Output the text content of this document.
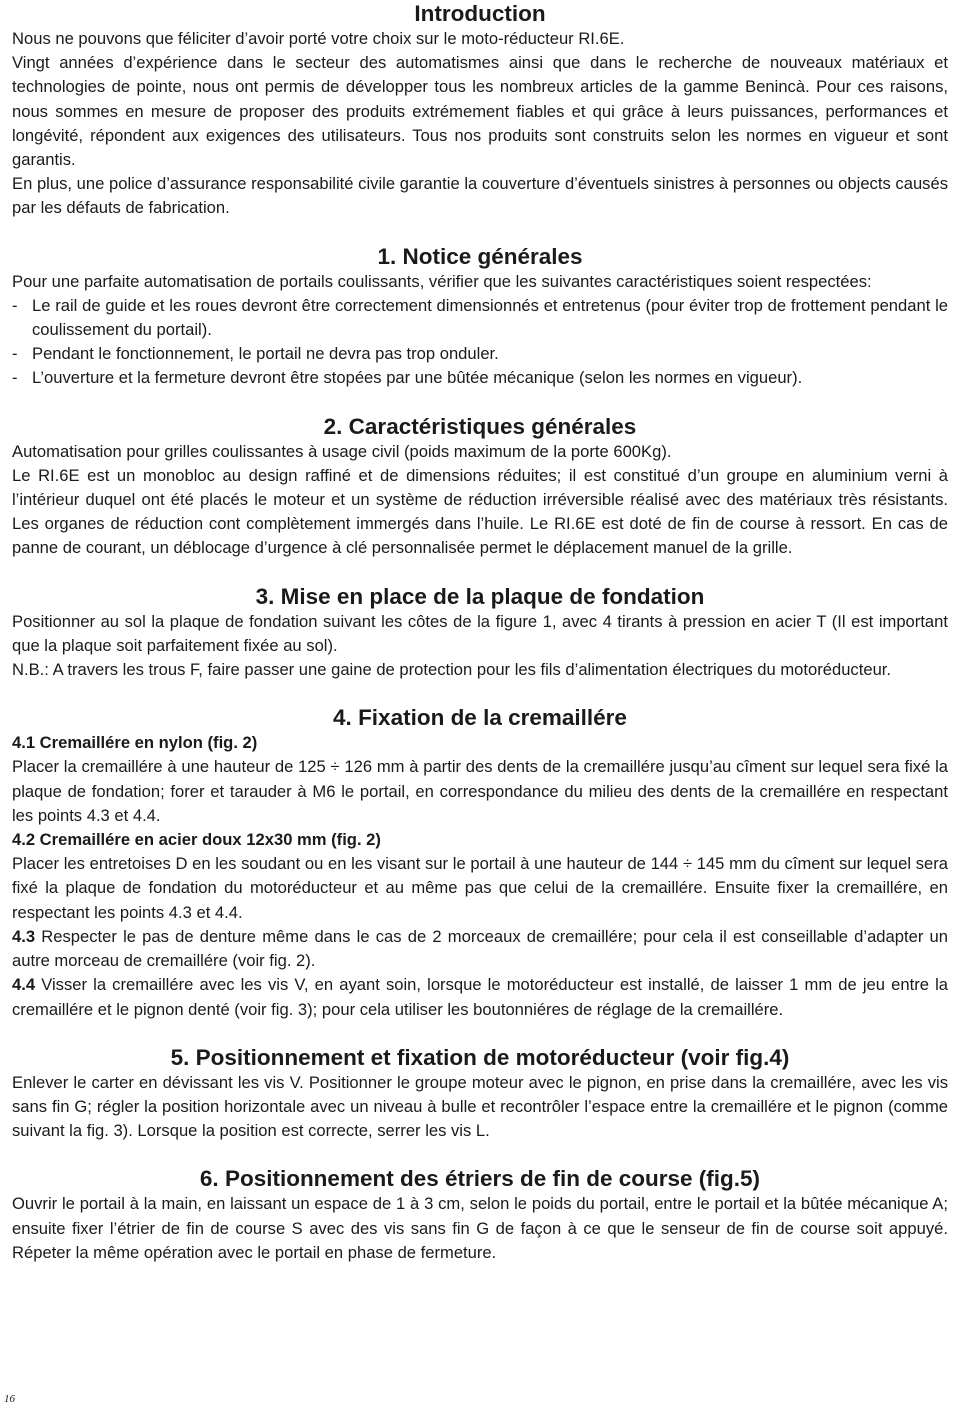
Introduction

Nous ne pouvons que féliciter d’avoir porté votre choix sur le moto-réducteur RI.6E.

Vingt années d’expérience dans le secteur des automatismes ainsi que dans le recherche de nouveaux matériaux et technologies de pointe, nous ont permis de développer tous les nombreux articles de la gamme Benincà. Pour ces raisons, nous sommes en mesure de proposer des produits extrémement fiables et qui grâce à leurs puissances, performances et longévité, répondent aux exigences des utilisateurs. Tous nos produits sont construits selon les normes en vigueur et sont garantis.

En plus, une police d’assurance responsabilité civile garantie la couverture d’éventuels sinistres à personnes ou objects causés par les défauts de fabrication.

1. Notice générales

Pour une parfaite automatisation de portails coulissants, vérifier que les suivantes caractéristiques soient respectées:

- Le rail de guide et les roues devront être correctement dimensionnés et entretenus (pour éviter trop de frottement pendant le coulissement du portail).
- Pendant le fonctionnement, le portail ne devra pas trop onduler.
- L’ouverture et la fermeture devront être stopées par une bûtée mécanique (selon les normes en vigueur).
2. Caractéristiques générales

Automatisation pour grilles coulissantes à usage civil (poids maximum de la porte 600Kg).

Le RI.6E est un monobloc au design raffiné et de dimensions réduites; il est constitué d’un groupe en aluminium verni à l’intérieur duquel ont été placés le moteur et un système de réduction irréversible réalisé avec des matériaux très résistants. Les organes de réduction cont complètement immergés dans l’huile. Le RI.6E est doté de fin de course à ressort. En cas de panne de courant, un déblocage d’urgence à clé personnalisée permet le déplacement manuel de la grille.

3. Mise en place de la plaque de fondation

Positionner au sol la plaque de fondation suivant les côtes de la figure 1, avec 4 tirants à pression en acier T (Il est important que la plaque soit parfaitement fixée au sol).

N.B.: A travers les trous F, faire passer une gaine de protection pour les fils d’alimentation électriques du motoréducteur.

4. Fixation de la cremaillére
4.1 Cremaillére en nylon (fig. 2)

Placer la cremaillére à une hauteur de 125 ÷ 126 mm à partir des dents de la cremaillére jusqu’au cîment sur lequel sera fixé la plaque de fondation; forer et tarauder à M6 le portail, en correspondance du milieu des dents de la cremaillére en respectant les points 4.3 et 4.4.

4.2 Cremaillére en acier doux 12x30 mm (fig. 2)

Placer les entretoises D en les soudant ou en les visant sur le portail à une hauteur de 144 ÷ 145 mm du cîment sur lequel sera fixé la plaque de fondation du motoréducteur et au même pas que celui de la cremaillére. Ensuite fixer la cremaillére, en respectant les points 4.3 et 4.4.

4.3 Respecter le pas de denture même dans le cas de 2 morceaux de cremaillére; pour cela il est conseillable d’adapter un autre morceau de cremaillére (voir fig. 2).

4.4 Visser la cremaillére avec les vis V, en ayant soin, lorsque le motoréducteur est installé, de laisser 1 mm de jeu entre la cremaillére et le pignon denté (voir fig. 3); pour cela utiliser les boutonniéres de réglage de la cremaillére.

5. Positionnement et fixation de motoréducteur (voir fig.4)

Enlever le carter en dévissant les vis V. Positionner le groupe moteur avec le pignon, en prise dans la cremaillére, avec les vis sans fin G; régler la position horizontale avec un niveau à bulle et recontrôler l’espace entre la cremaillére et le pignon (comme suivant la fig. 3). Lorsque la position est correcte, serrer les vis L.

6. Positionnement des étriers de fin de course (fig.5)

Ouvrir le portail à la main, en laissant un espace de 1 à 3 cm, selon le poids du portail, entre le portail et la bûtée mécanique A; ensuite fixer l’étrier de fin de course S avec des vis sans fin G de façon à ce que le senseur de fin de course soit appuyé. Répeter la même opération avec le portail en phase de fermeture.

16
